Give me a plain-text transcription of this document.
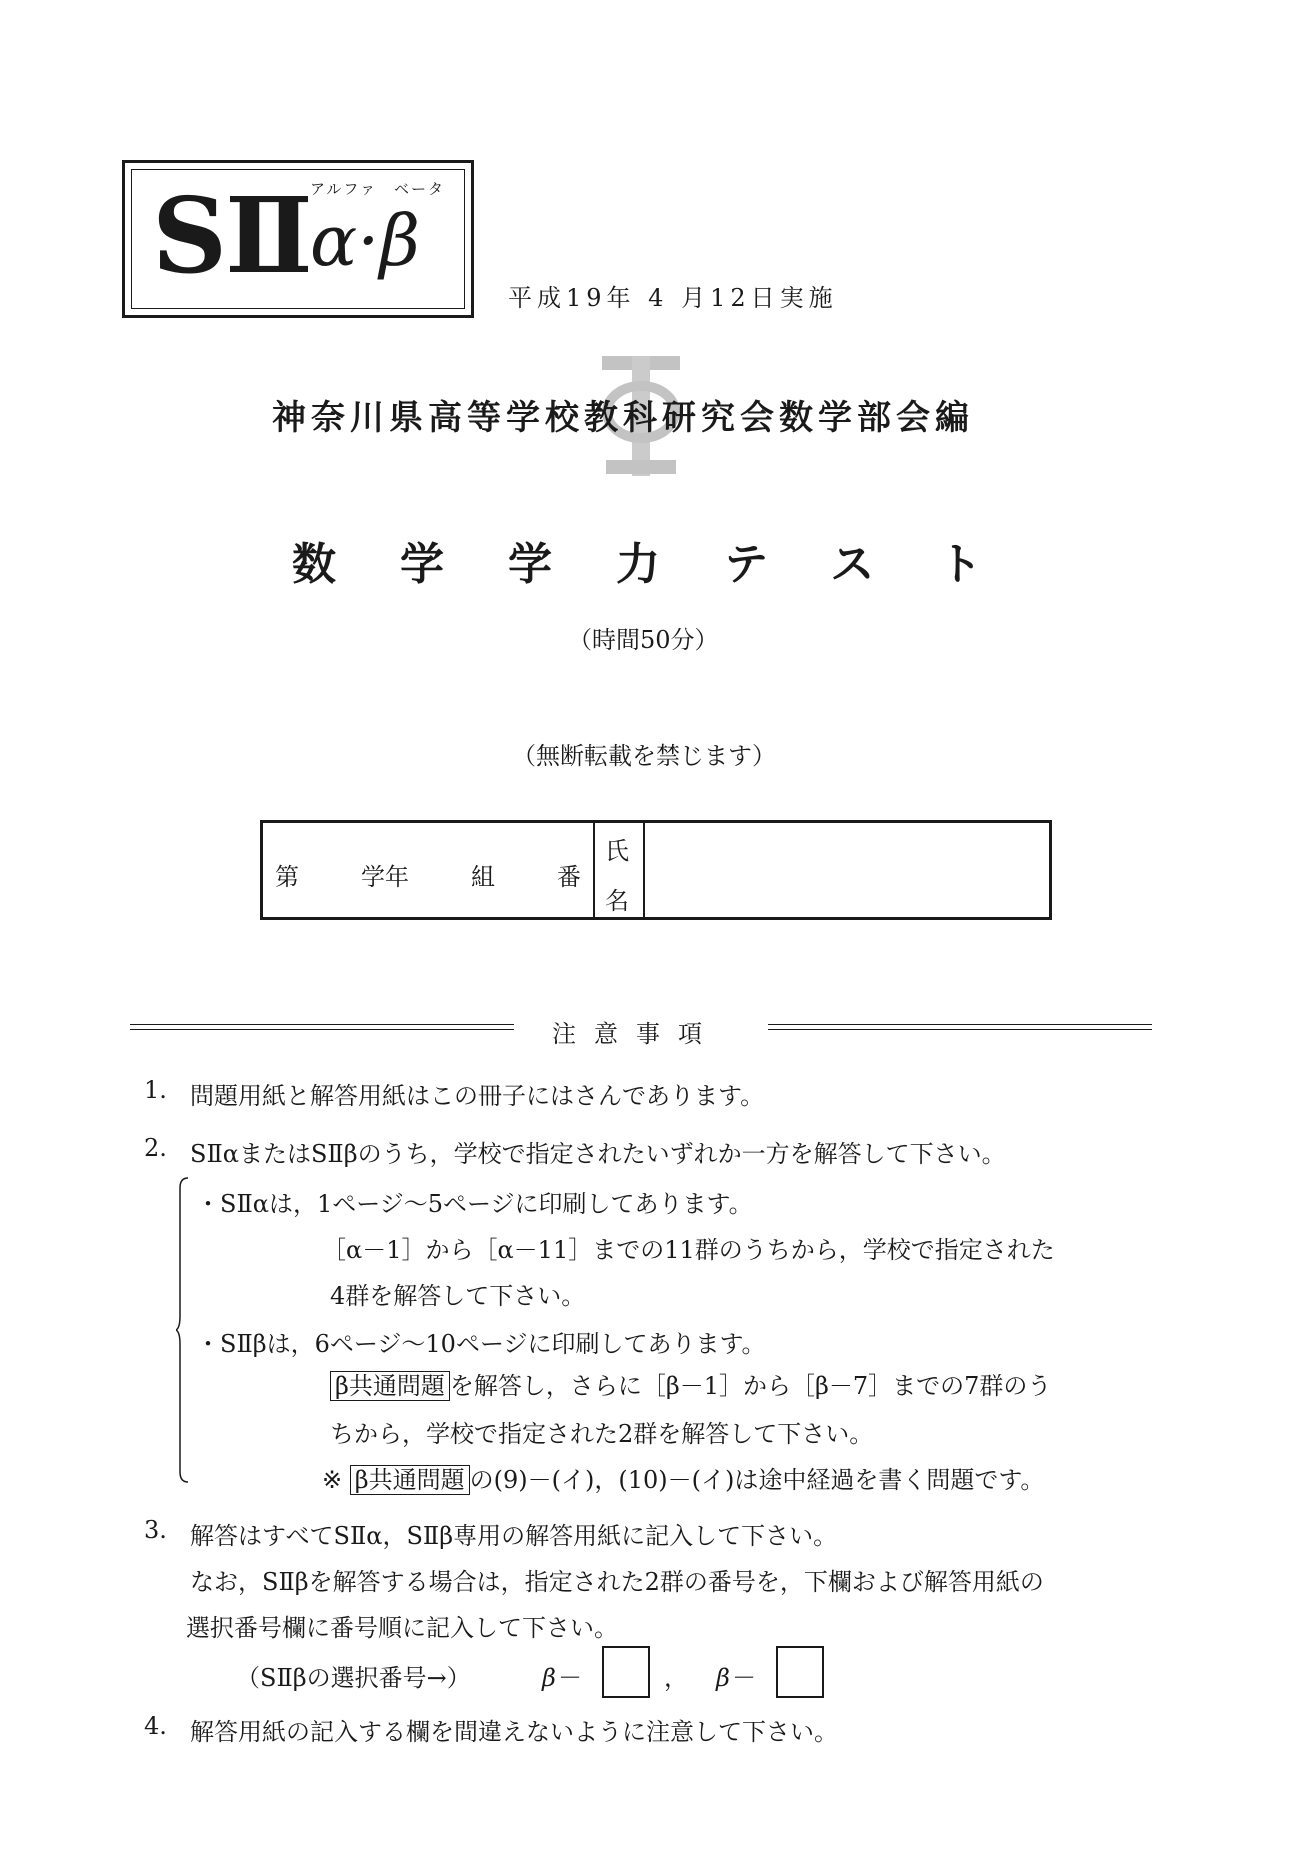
SⅡ アルファ ベータ
α·β
平成19年 4 月12日実施
神奈川県高等学校教科研究会数学部会編
数学学力テスト
（時間50分）
（無断転載を禁じます）
第	学年	組	番
氏
名
注意事項
1. 問題用紙と解答用紙はこの冊子にはさんであります。
2. SⅡαまたはSⅡβのうち，学校で指定されたいずれか一方を解答して下さい。
・SⅡαは，1ページ～5ページに印刷してあります。
［α－1］から［α－11］までの11群のうちから，学校で指定された
4群を解答して下さい。
・SⅡβは，6ページ～10ページに印刷してあります。
β共通問題 を解答し，さらに［β－1］から［β－7］までの7群のう
ちから，学校で指定された2群を解答して下さい。
※ β共通問題 の(9)－(イ)，(10)－(イ)は途中経過を書く問題です。
3. 解答はすべてSⅡα，SⅡβ専用の解答用紙に記入して下さい。
なお，SⅡβを解答する場合は，指定された2群の番号を，下欄および解答用紙の
選択番号欄に番号順に記入して下さい。
（SⅡβの選択番号→）	β－	， β－
4. 解答用紙の記入する欄を間違えないように注意して下さい。
